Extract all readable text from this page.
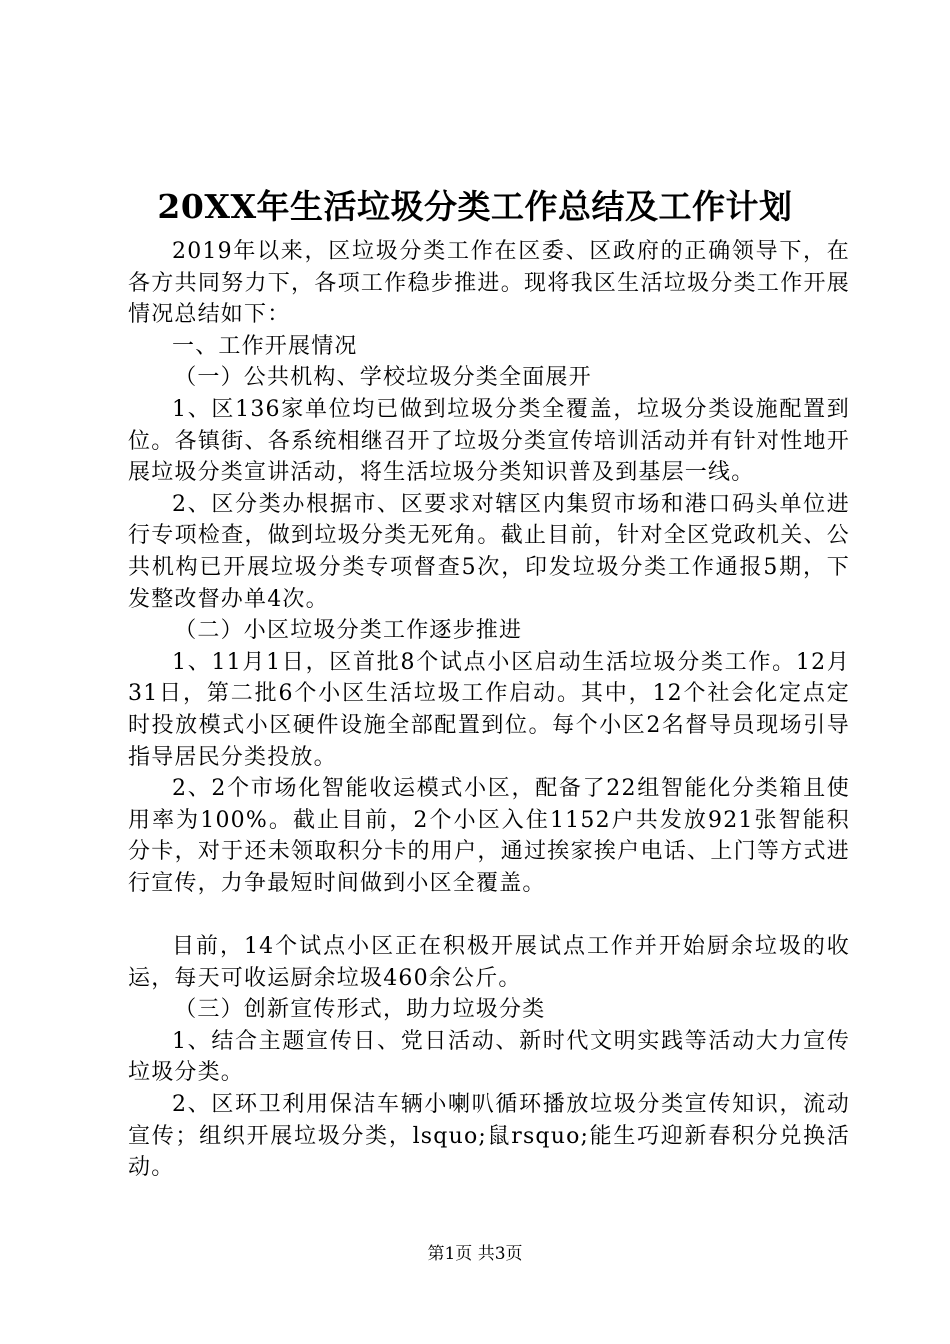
20XX年生活垃圾分类工作总结及工作计划

2019年以来，区垃圾分类工作在区委、区政府的正确领导下，在各方共同努力下，各项工作稳步推进。现将我区生活垃圾分类工作开展情况总结如下：

一、工作开展情况

（一）公共机构、学校垃圾分类全面展开

1、区136家单位均已做到垃圾分类全覆盖，垃圾分类设施配置到位。各镇街、各系统相继召开了垃圾分类宣传培训活动并有针对性地开展垃圾分类宣讲活动，将生活垃圾分类知识普及到基层一线。

2、区分类办根据市、区要求对辖区内集贸市场和港口码头单位进行专项检查，做到垃圾分类无死角。截止目前，针对全区党政机关、公共机构已开展垃圾分类专项督查5次，印发垃圾分类工作通报5期，下发整改督办单4次。

（二）小区垃圾分类工作逐步推进

1、11月1日，区首批8个试点小区启动生活垃圾分类工作。12月31日，第二批6个小区生活垃圾工作启动。其中，12个社会化定点定时投放模式小区硬件设施全部配置到位。每个小区2名督导员现场引导指导居民分类投放。

2、2个市场化智能收运模式小区，配备了22组智能化分类箱且使用率为100%。截止目前，2个小区入住1152户共发放921张智能积分卡，对于还未领取积分卡的用户，通过挨家挨户电话、上门等方式进行宣传，力争最短时间做到小区全覆盖。

目前，14个试点小区正在积极开展试点工作并开始厨余垃圾的收运，每天可收运厨余垃圾460余公斤。

（三）创新宣传形式，助力垃圾分类

1、结合主题宣传日、党日活动、新时代文明实践等活动大力宣传垃圾分类。

2、区环卫利用保洁车辆小喇叭循环播放垃圾分类宣传知识，流动宣传；组织开展垃圾分类，lsquo;鼠rsquo;能生巧迎新春积分兑换活动。

第1页 共3页
